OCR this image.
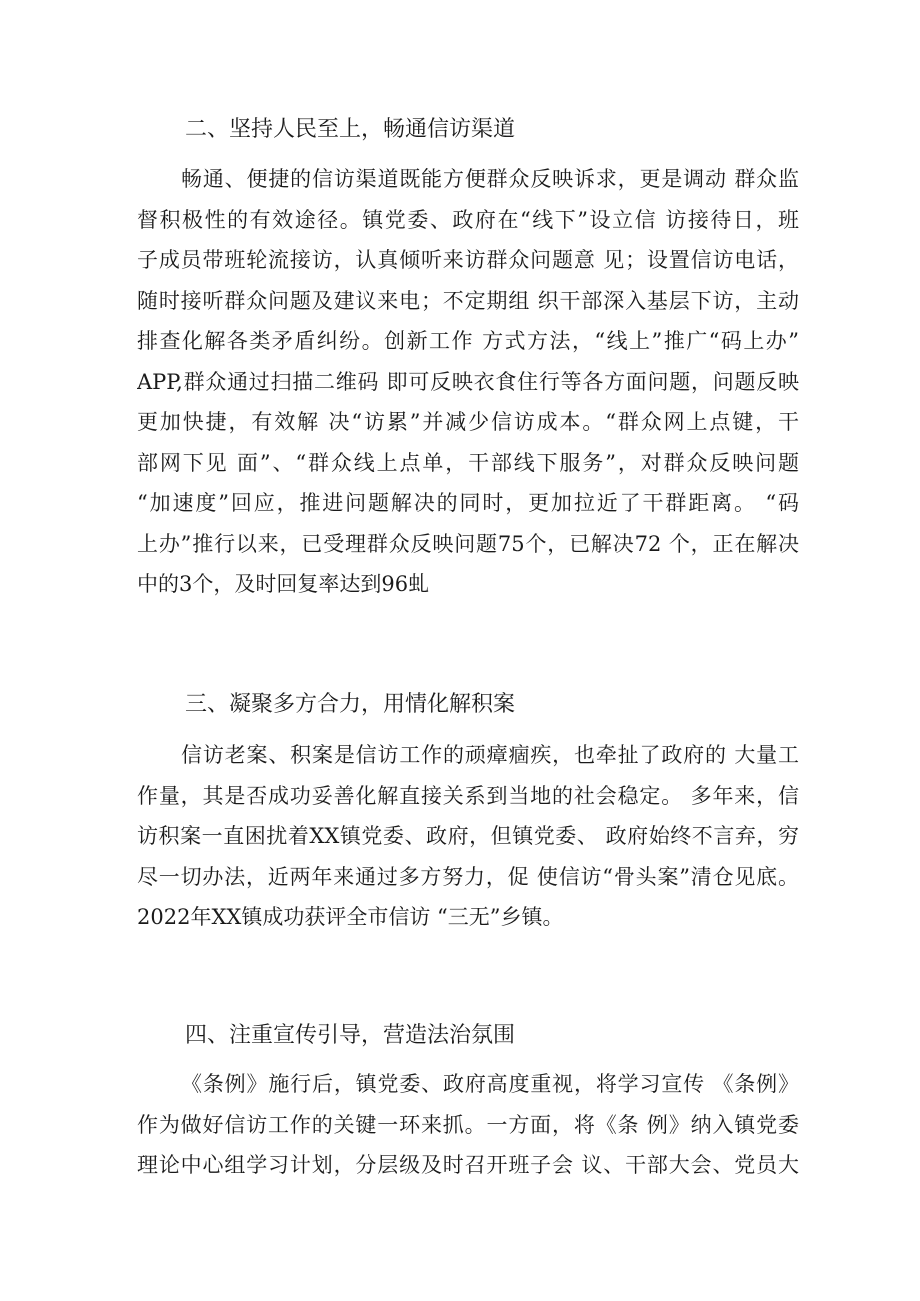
二、坚持人民至上，畅通信访渠道
畅通、便捷的信访渠道既能方便群众反映诉求，更是调动 群众监
督积极性的有效途径。镇党委、政府在“线下”设立信 访接待日，班
子成员带班轮流接访，认真倾听来访群众问题意 见；设置信访电话，
随时接听群众问题及建议来电；不定期组 织干部深入基层下访，主动
排查化解各类矛盾纠纷。创新工作 方式方法，“线上”推广“码上办”
APP,群众通过扫描二维码 即可反映衣食住行等各方面问题，问题反映
更加快捷，有效解 决“访累”并减少信访成本。“群众网上点键，干
部网下见 面”、“群众线上点单，干部线下服务”，对群众反映问题
“加速度”回应，推进问题解决的同时，更加拉近了干群距离。 “码
上办”推行以来，已受理群众反映问题75个，已解决72 个，正在解决
中的3个，及时回复率达到96虬
三、凝聚多方合力，用情化解积案
信访老案、积案是信访工作的顽瘴痼疾，也牵扯了政府的 大量工
作量，其是否成功妥善化解直接关系到当地的社会稳定。 多年来，信
访积案一直困扰着XX镇党委、政府，但镇党委、 政府始终不言弃，穷
尽一切办法，近两年来通过多方努力，促 使信访“骨头案”清仓见底。
2022年XX镇成功获评全市信访 “三无”乡镇。
四、注重宣传引导，营造法治氛围
《条例》施行后，镇党委、政府高度重视，将学习宣传 《条例》
作为做好信访工作的关键一环来抓。一方面，将《条 例》纳入镇党委
理论中心组学习计划，分层级及时召开班子会 议、干部大会、党员大
